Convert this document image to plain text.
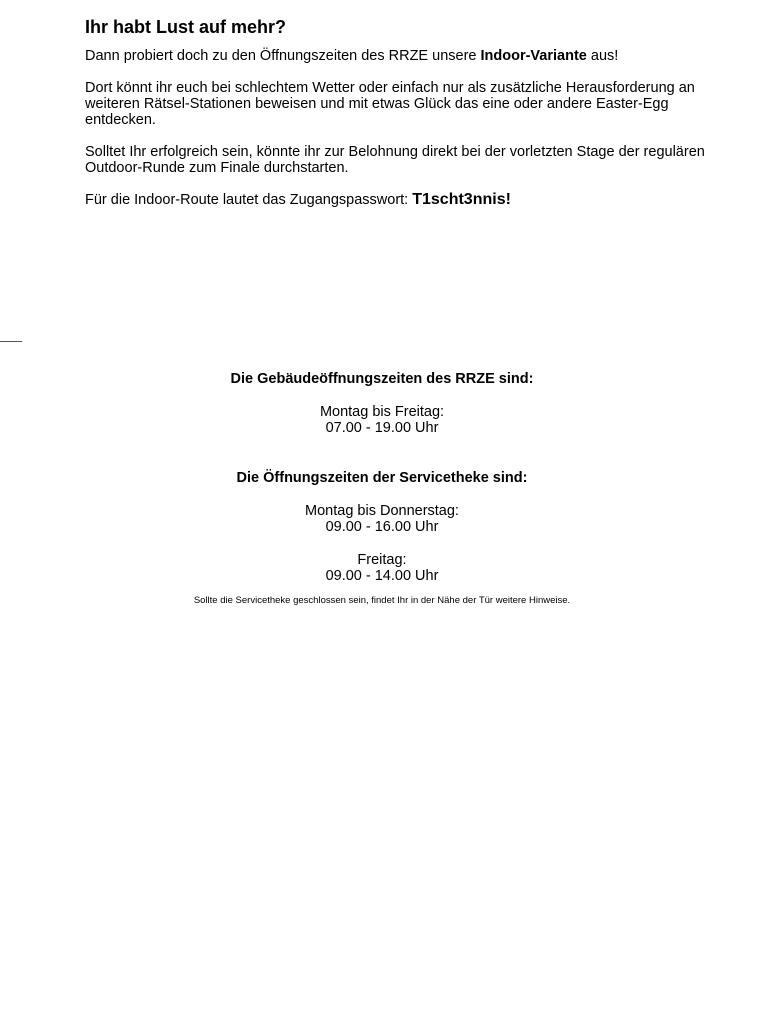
Ihr habt Lust auf mehr?

Dann probiert doch zu den Öffnungszeiten des RRZE unsere Indoor-Variante aus!

Dort könnt ihr euch bei schlechtem Wetter oder einfach nur als zusätzliche Herausforderung an weiteren Rätsel-Stationen beweisen und mit etwas Glück das eine oder andere Easter-Egg entdecken.

Solltet Ihr erfolgreich sein, könnte ihr zur Belohnung direkt bei der vorletzten Stage der regulären Outdoor-Runde zum Finale durchstarten.

Für die Indoor-Route lautet das Zugangspasswort: T1scht3nnis!

Die Gebäudeöffnungszeiten des RRZE sind:
Montag bis Freitag:
07.00 - 19.00 Uhr
Die Öffnungszeiten der Servicetheke sind:
Montag bis Donnerstag:
09.00 - 16.00 Uhr
Freitag:
09.00 - 14.00 Uhr
Sollte die Servicetheke geschlossen sein, findet Ihr in der Nähe der Tür weitere Hinweise.
